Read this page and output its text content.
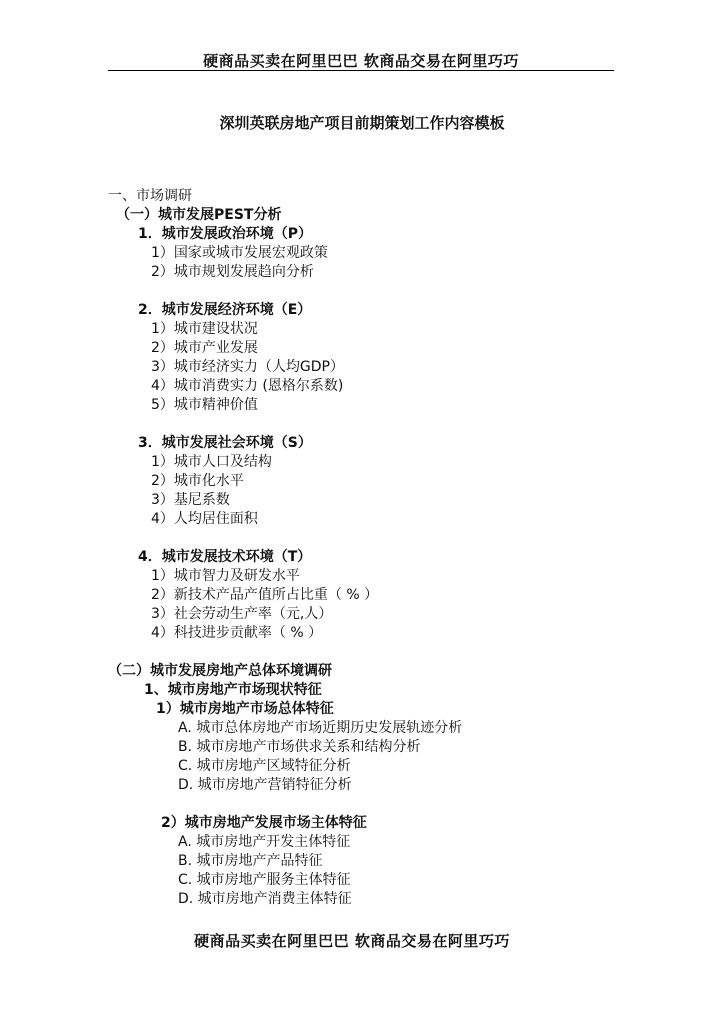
硬商品买卖在阿里巴巴 软商品交易在阿里巧巧
深圳英联房地产项目前期策划工作内容模板
一、市场调研
（一）城市发展PEST分析
1．城市发展政治环境（P）
1）国家或城市发展宏观政策
2）城市规划发展趋向分析
2．城市发展经济环境（E）
1）城市建设状况
2）城市产业发展
3）城市经济实力（人均GDP）
4）城市消费实力 (恩格尔系数)
5）城市精神价值
3．城市发展社会环境（S）
1）城市人口及结构
2）城市化水平
3）基尼系数
4）人均居住面积
4．城市发展技术环境（T）
1）城市智力及研发水平
2）新技术产品产值所占比重（ % ）
3）社会劳动生产率（元,人）
4）科技进步贡献率（ % ）
（二）城市发展房地产总体环境调研
1、城市房地产市场现状特征
1）城市房地产市场总体特征
A. 城市总体房地产市场近期历史发展轨迹分析
B. 城市房地产市场供求关系和结构分析
C. 城市房地产区域特征分析
D. 城市房地产营销特征分析
2）城市房地产发展市场主体特征
A. 城市房地产开发主体特征
B. 城市房地产产品特征
C. 城市房地产服务主体特征
D. 城市房地产消费主体特征
硬商品买卖在阿里巴巴 软商品交易在阿里巧巧
